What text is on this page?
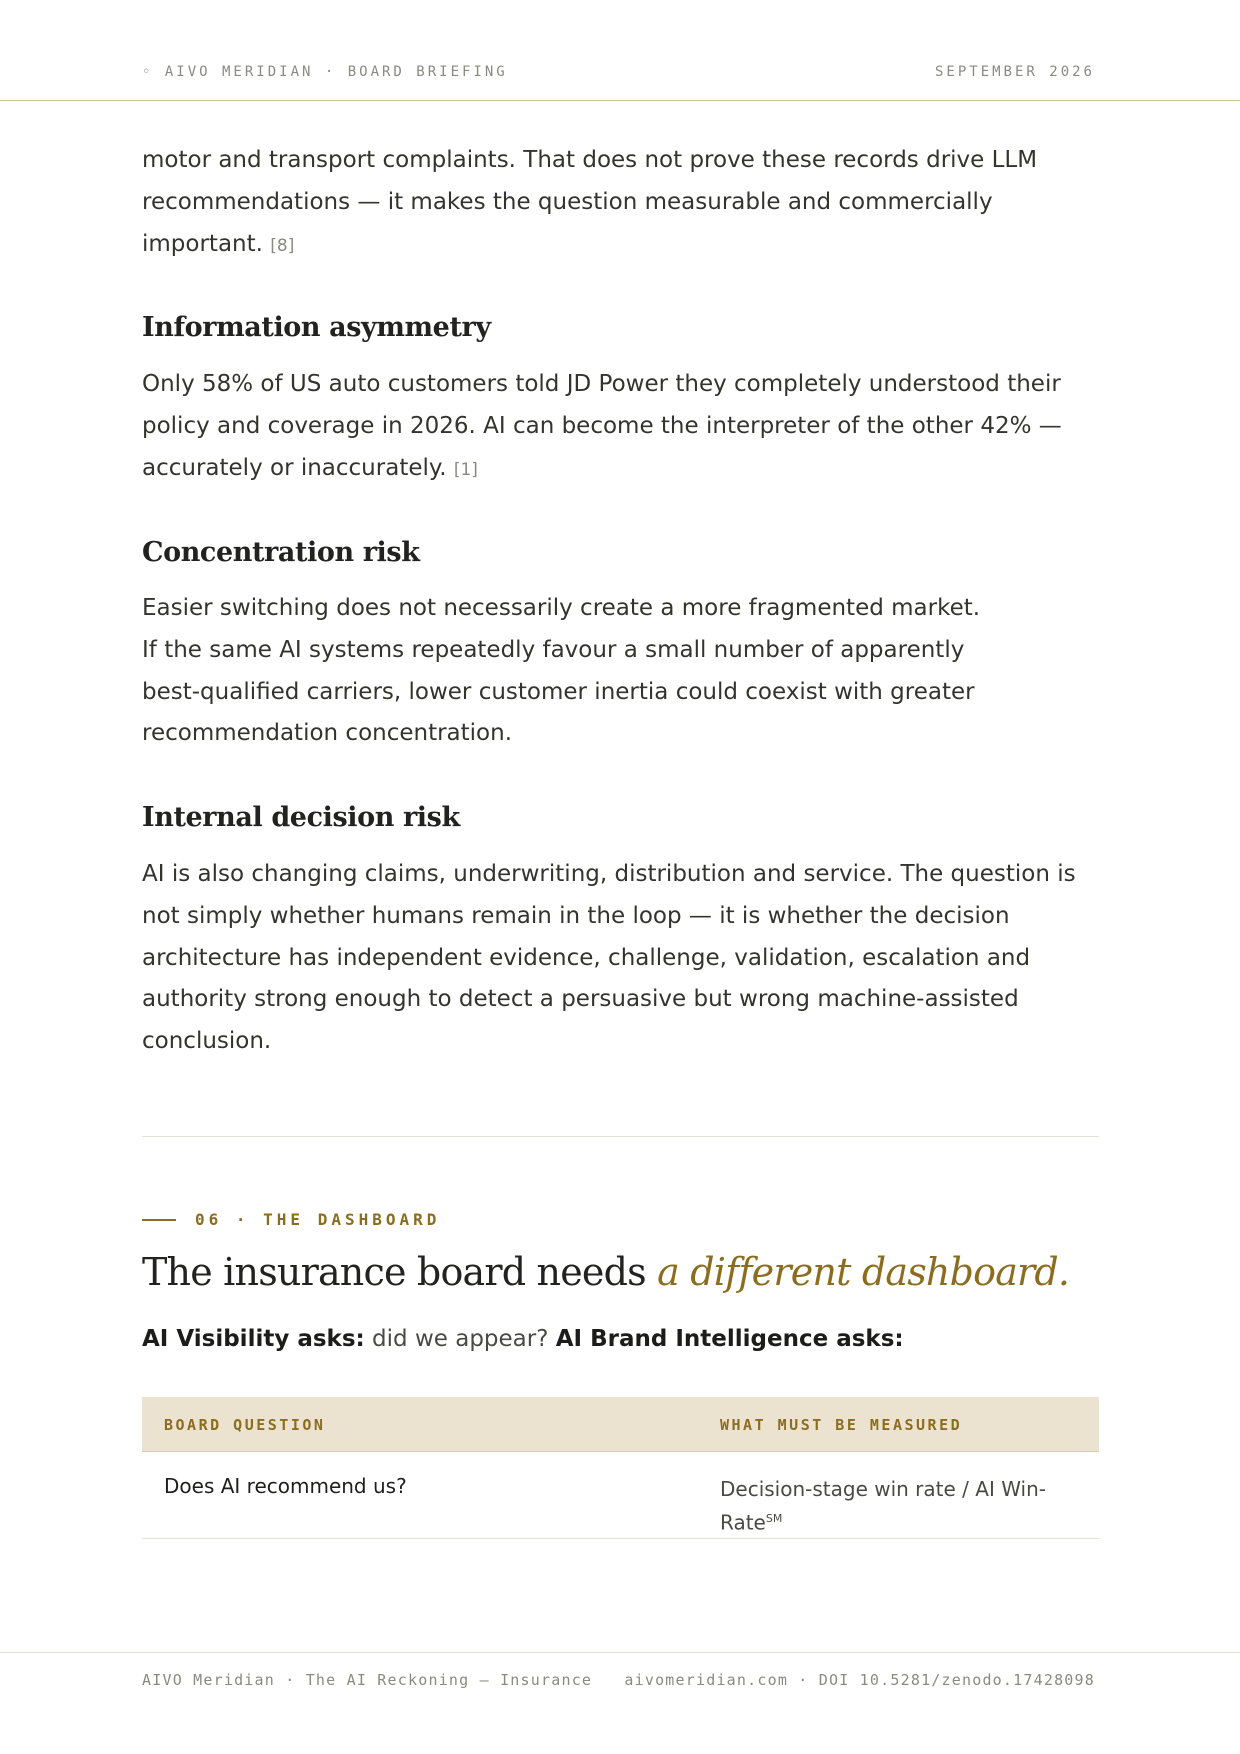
◦ AIVO MERIDIAN · BOARD BRIEFING	SEPTEMBER 2026

motor and transport complaints. That does not prove these records drive LLM recommendations — it makes the question measurable and commercially important. [8]

Information asymmetry

Only 58% of US auto customers told JD Power they completely understood their policy and coverage in 2026. AI can become the interpreter of the other 42% — accurately or inaccurately. [1]

Concentration risk

Easier switching does not necessarily create a more fragmented market. If the same AI systems repeatedly favour a small number of apparently best-qualified carriers, lower customer inertia could coexist with greater recommendation concentration.

Internal decision risk

AI is also changing claims, underwriting, distribution and service. The question is not simply whether humans remain in the loop — it is whether the decision architecture has independent evidence, challenge, validation, escalation and authority strong enough to detect a persuasive but wrong machine-assisted conclusion.

06 · THE DASHBOARD
The insurance board needs a different dashboard.

AI Visibility asks: did we appear? AI Brand Intelligence asks:

BOARD QUESTION	WHAT MUST BE MEASURED
Does AI recommend us?	Decision-stage win rate / AI Win-Rate℠
AIVO Meridian · The AI Reckoning — Insurance aivomeridian.com · DOI 10.5281/zenodo.17428098
